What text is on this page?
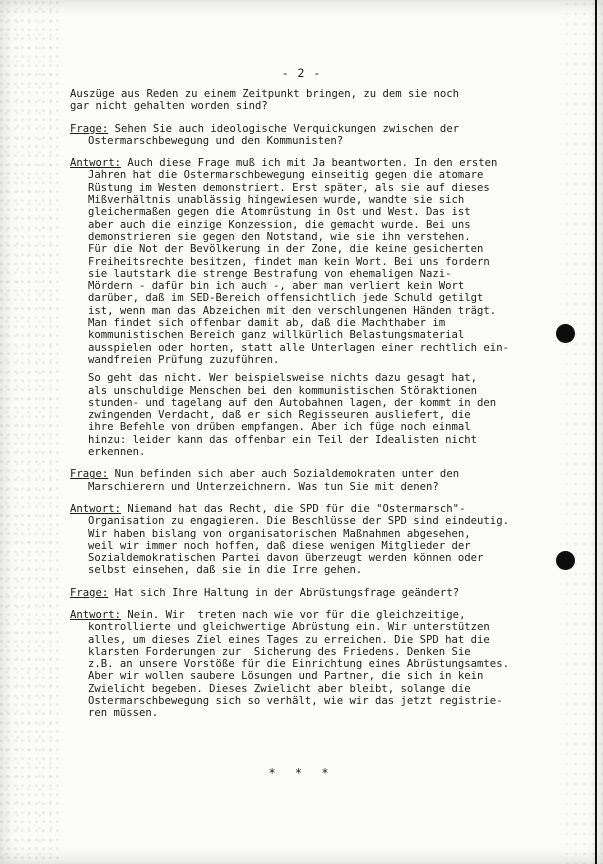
- 2 -
Auszüge aus Reden zu einem Zeitpunkt bringen, zu dem sie noch
gar nicht gehalten worden sind?
Frage: Sehen Sie auch ideologische Verquickungen zwischen der
Ostermarschbewegung und den Kommunisten?
Antwort: Auch diese Frage muß ich mit Ja beantworten. In den ersten
Jahren hat die Ostermarschbewegung einseitig gegen die atomare
Rüstung im Westen demonstriert. Erst später, als sie auf dieses
Mißverhältnis unablässig hingewiesen wurde, wandte sie sich
gleichermaßen gegen die Atomrüstung in Ost und West. Das ist
aber auch die einzige Konzession, die gemacht wurde. Bei uns
demonstrieren sie gegen den Notstand, wie sie ihn verstehen.
Für die Not der Bevölkerung in der Zone, die keine gesicherten
Freiheitsrechte besitzen, findet man kein Wort. Bei uns fordern
sie lautstark die strenge Bestrafung von ehemaligen Nazi-
Mördern - dafür bin ich auch -, aber man verliert kein Wort
darüber, daß im SED-Bereich offensichtlich jede Schuld getilgt
ist, wenn man das Abzeichen mit den verschlungenen Händen trägt.
Man findet sich offenbar damit ab, daß die Machthaber im
kommunistischen Bereich ganz willkürlich Belastungsmaterial
ausspielen oder horten, statt alle Unterlagen einer rechtlich ein-
wandfreien Prüfung zuzuführen.
So geht das nicht. Wer beispielsweise nichts dazu gesagt hat,
als unschuldige Menschen bei den kommunistischen Störaktionen
stunden- und tagelang auf den Autobahnen lagen, der kommt in den
zwingenden Verdacht, daß er sich Regisseuren ausliefert, die
ihre Befehle von drüben empfangen. Aber ich füge noch einmal
hinzu: leider kann das offenbar ein Teil der Idealisten nicht
erkennen.
Frage: Nun befinden sich aber auch Sozialdemokraten unter den
Marschierern und Unterzeichnern. Was tun Sie mit denen?
Antwort: Niemand hat das Recht, die SPD für die "Ostermarsch"-
Organisation zu engagieren. Die Beschlüsse der SPD sind eindeutig.
Wir haben bislang von organisatorischen Maßnahmen abgesehen,
weil wir immer noch hoffen, daß diese wenigen Mitglieder der
Sozialdemokratischen Partei davon überzeugt werden können oder
selbst einsehen, daß sie in die Irre gehen.
Frage: Hat sich Ihre Haltung in der Abrüstungsfrage geändert?
Antwort: Nein. Wir  treten nach wie vor für die gleichzeitige,
kontrollierte und gleichwertige Abrüstung ein. Wir unterstützen
alles, um dieses Ziel eines Tages zu erreichen. Die SPD hat die
klarsten Forderungen zur  Sicherung des Friedens. Denken Sie
z.B. an unsere Vorstöße für die Einrichtung eines Abrüstungsamtes.
Aber wir wollen saubere Lösungen und Partner, die sich in kein
Zwielicht begeben. Dieses Zwielicht aber bleibt, solange die
Ostermarschbewegung sich so verhält, wie wir das jetzt registrie-
ren müssen.
* * *
